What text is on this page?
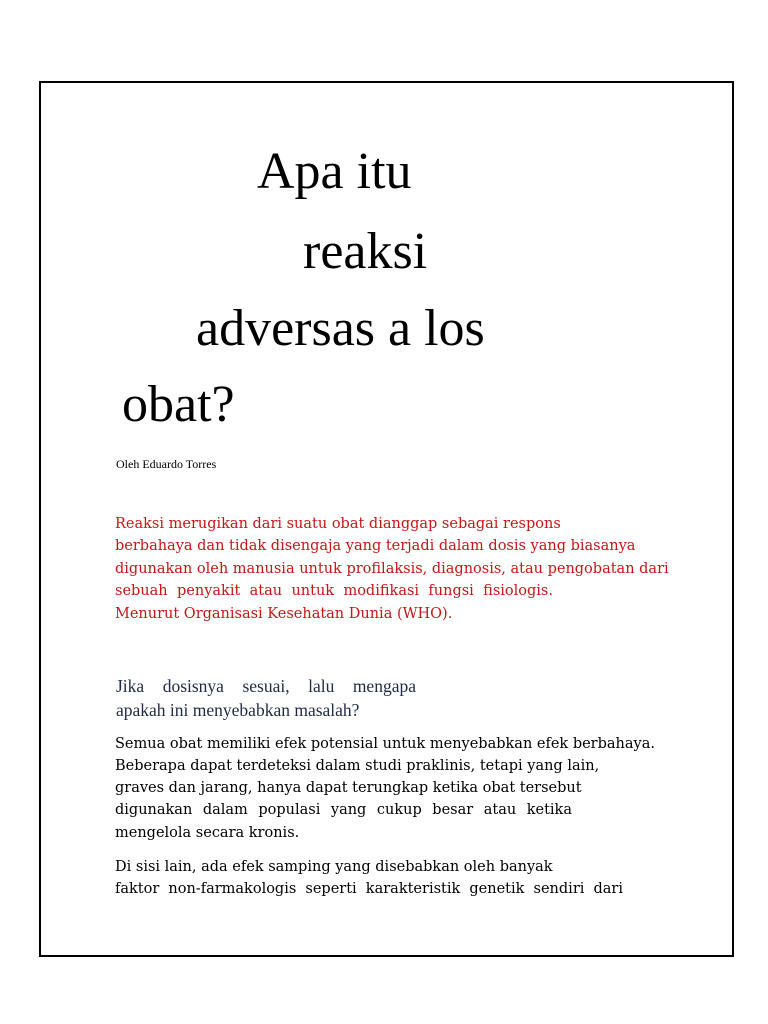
Apa itu
reaksi
adversas a los
obat?
Oleh Eduardo Torres
Reaksi merugikan dari suatu obat dianggap sebagai respons
berbahaya dan tidak disengaja yang terjadi dalam dosis yang biasanya
digunakan oleh manusia untuk profilaksis, diagnosis, atau pengobatan dari
sebuah penyakit atau untuk modifikasi fungsi fisiologis.
Menurut Organisasi Kesehatan Dunia (WHO).
Jika dosisnya sesuai, lalu mengapa
apakah ini menyebabkan masalah?
Semua obat memiliki efek potensial untuk menyebabkan efek berbahaya.
Beberapa dapat terdeteksi dalam studi praklinis, tetapi yang lain,
graves dan jarang, hanya dapat terungkap ketika obat tersebut
digunakan dalam populasi yang cukup besar atau ketika
mengelola secara kronis.
Di sisi lain, ada efek samping yang disebabkan oleh banyak
faktor non-farmakologis seperti karakteristik genetik sendiri dari
